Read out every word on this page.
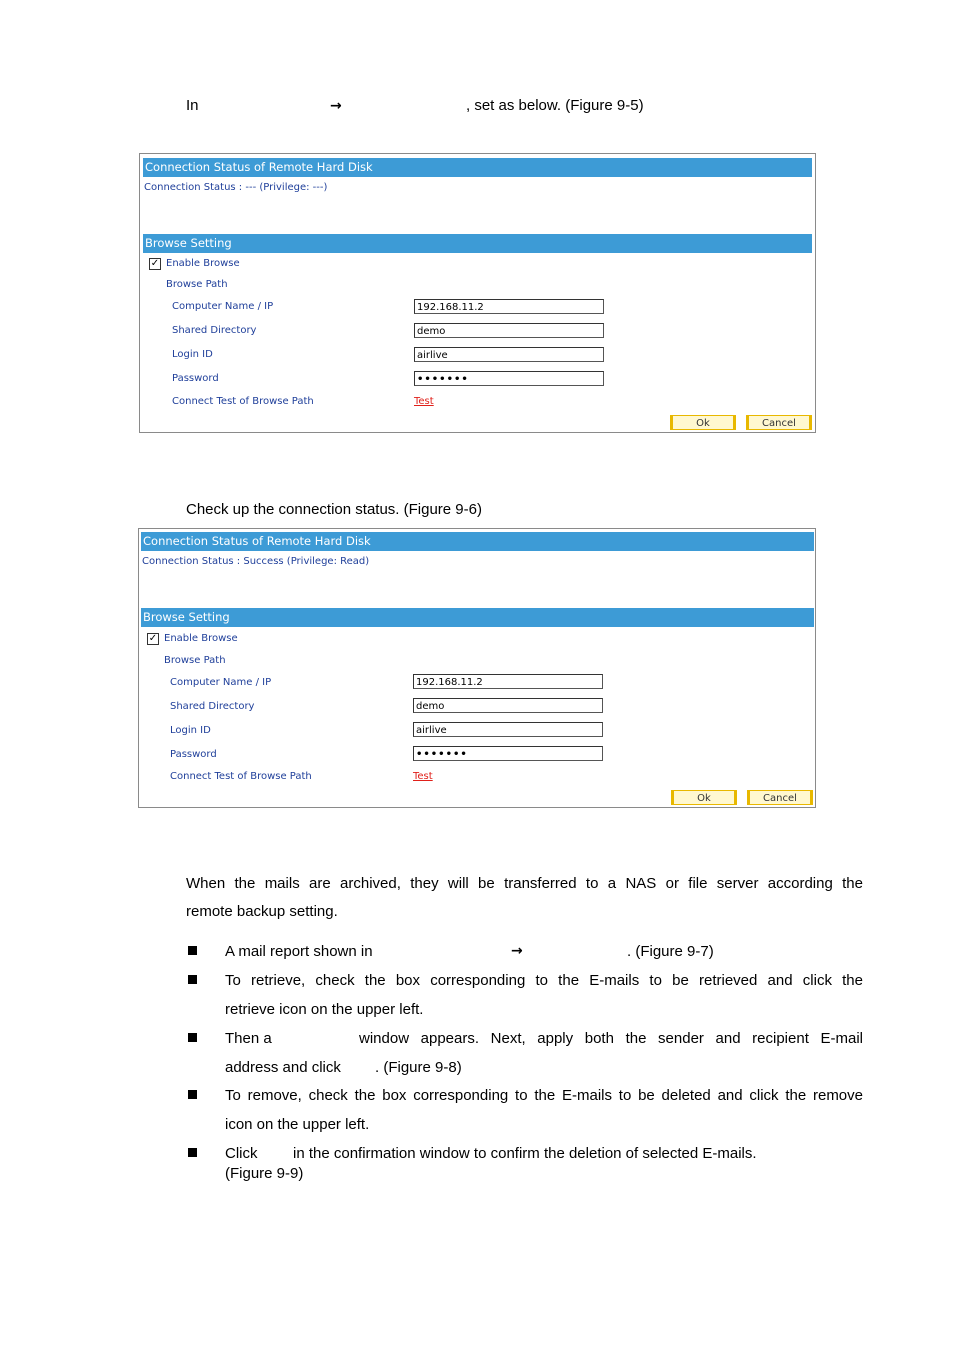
In	→	, set as below. (Figure 9-5)
Connection Status of Remote Hard Disk
Connection Status : --- (Privilege: ---)
Browse Setting
✓ Enable Browse
Browse Path
Computer Name / IP	192.168.11.2
Shared Directory	demo
Login ID	airlive
Password	•••••••
Connect Test of Browse Path	Test
Ok	Cancel
Check up the connection status. (Figure 9-6)
Connection Status of Remote Hard Disk
Connection Status : Success (Privilege: Read)
Browse Setting
✓ Enable Browse
Browse Path
Computer Name / IP	192.168.11.2
Shared Directory	demo
Login ID	airlive
Password	•••••••
Connect Test of Browse Path	Test
Ok	Cancel
When the mails are archived, they will be transferred to a NAS or file server according the
remote backup setting.
A mail report shown in	→	. (Figure 9-7)
To retrieve, check the box corresponding to the E-mails to be retrieved and click the
retrieve icon on the upper left.
Then a	window appears. Next, apply both the sender and recipient E-mail
address and click . (Figure 9-8)
To remove, check the box corresponding to the E-mails to be deleted and click the remove
icon on the upper left.
Click in the confirmation window to confirm the deletion of selected E-mails.
(Figure 9-9)
